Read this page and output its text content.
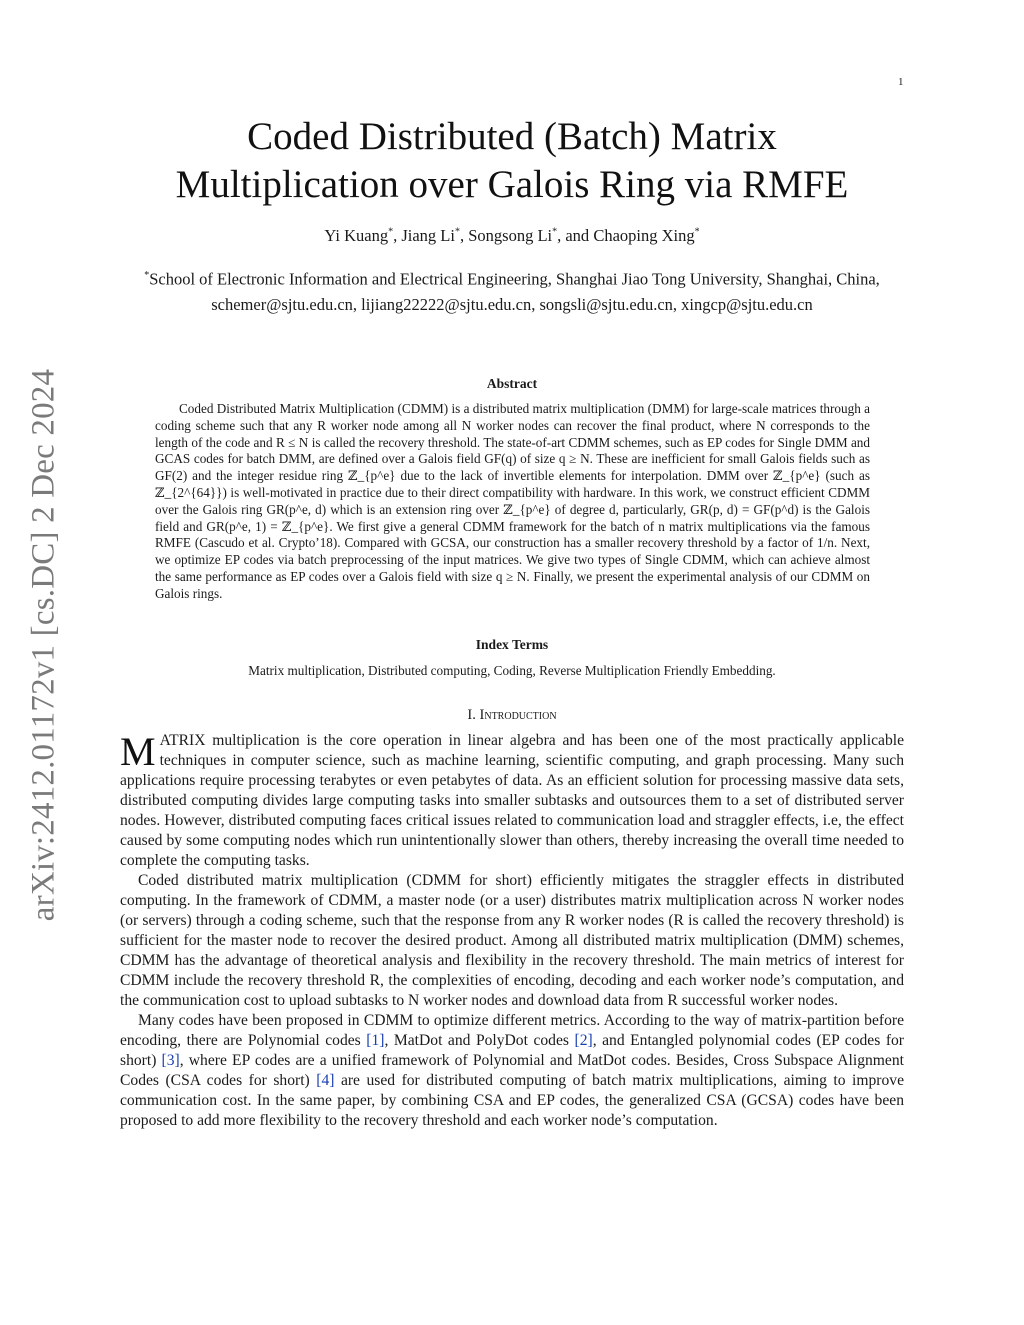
1
arXiv:2412.01172v1 [cs.DC] 2 Dec 2024
Coded Distributed (Batch) Matrix
Multiplication over Galois Ring via RMFE
Yi Kuang*, Jiang Li*, Songsong Li*, and Chaoping Xing*
*School of Electronic Information and Electrical Engineering, Shanghai Jiao Tong University, Shanghai, China,
schemer@sjtu.edu.cn, lijiang22222@sjtu.edu.cn, songsli@sjtu.edu.cn, xingcp@sjtu.edu.cn
Abstract
Coded Distributed Matrix Multiplication (CDMM) is a distributed matrix multiplication (DMM) for large-scale matrices through a coding scheme such that any R worker node among all N worker nodes can recover the final product, where N corresponds to the length of the code and R ≤ N is called the recovery threshold. The state-of-art CDMM schemes, such as EP codes for Single DMM and GCAS codes for batch DMM, are defined over a Galois field GF(q) of size q ≥ N. These are inefficient for small Galois fields such as GF(2) and the integer residue ring ℤ_{p^e} due to the lack of invertible elements for interpolation. DMM over ℤ_{p^e} (such as ℤ_{2^{64}}) is well-motivated in practice due to their direct compatibility with hardware. In this work, we construct efficient CDMM over the Galois ring GR(p^e, d) which is an extension ring over ℤ_{p^e} of degree d, particularly, GR(p, d) = GF(p^d) is the Galois field and GR(p^e, 1) = ℤ_{p^e}. We first give a general CDMM framework for the batch of n matrix multiplications via the famous RMFE (Cascudo et al. Crypto’18). Compared with GCSA, our construction has a smaller recovery threshold by a factor of 1/n. Next, we optimize EP codes via batch preprocessing of the input matrices. We give two types of Single CDMM, which can achieve almost the same performance as EP codes over a Galois field with size q ≥ N. Finally, we present the experimental analysis of our CDMM on Galois rings.
Index Terms
Matrix multiplication, Distributed computing, Coding, Reverse Multiplication Friendly Embedding.
I. Introduction

MATRIX multiplication is the core operation in linear algebra and has been one of the most practically applicable techniques in computer science, such as machine learning, scientific computing, and graph processing. Many such applications require processing terabytes or even petabytes of data. As an efficient solution for processing massive data sets, distributed computing divides large computing tasks into smaller subtasks and outsources them to a set of distributed server nodes. However, distributed computing faces critical issues related to communication load and straggler effects, i.e, the effect caused by some computing nodes which run unintentionally slower than others, thereby increasing the overall time needed to complete the computing tasks.

Coded distributed matrix multiplication (CDMM for short) efficiently mitigates the straggler effects in distributed computing. In the framework of CDMM, a master node (or a user) distributes matrix multiplication across N worker nodes (or servers) through a coding scheme, such that the response from any R worker nodes (R is called the recovery threshold) is sufficient for the master node to recover the desired product. Among all distributed matrix multiplication (DMM) schemes, CDMM has the advantage of theoretical analysis and flexibility in the recovery threshold. The main metrics of interest for CDMM include the recovery threshold R, the complexities of encoding, decoding and each worker node’s computation, and the communication cost to upload subtasks to N worker nodes and download data from R successful worker nodes.

Many codes have been proposed in CDMM to optimize different metrics. According to the way of matrix-partition before encoding, there are Polynomial codes [1], MatDot and PolyDot codes [2], and Entangled polynomial codes (EP codes for short) [3], where EP codes are a unified framework of Polynomial and MatDot codes. Besides, Cross Subspace Alignment Codes (CSA codes for short) [4] are used for distributed computing of batch matrix multiplications, aiming to improve communication cost. In the same paper, by combining CSA and EP codes, the generalized CSA (GCSA) codes have been proposed to add more flexibility to the recovery threshold and each worker node’s computation.
